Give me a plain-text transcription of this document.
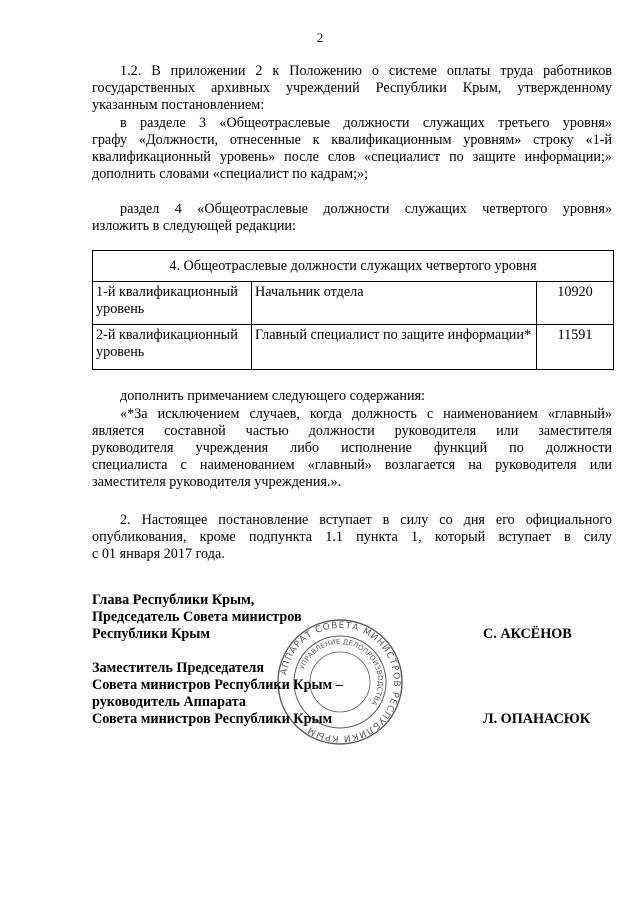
2

1.2. В приложении 2 к Положению о системе оплаты труда работников
государственных архивных учреждений Республики Крым, утвержденному
указанным постановлением:

в разделе 3 «Общеотраслевые должности служащих третьего уровня»
графу «Должности, отнесенные к квалификационным уровням» строку «1-й
квалификационный уровень» после слов «специалист по защите информации;»
дополнить словами «специалист по кадрам;»;

раздел 4 «Общеотраслевые должности служащих четвертого уровня»
изложить в следующей редакции:

4. Общеотраслевые должности служащих четвертого уровня		
1-й квалификационный уровень	Начальник отдела	10920
2-й квалификационный уровень	Главный специалист по защите информации*	11591

дополнить примечанием следующего содержания:

«*За исключением случаев, когда должность с наименованием «главный»
является составной частью должности руководителя или заместителя
руководителя учреждения либо исполнение функций по должности
специалиста с наименованием «главный» возлагается на руководителя или
заместителя руководителя учреждения.».

2. Настоящее постановление вступает в силу со дня его официального
опубликования, кроме подпункта 1.1 пункта 1, который вступает в силу
с 01 января 2017 года.

АППАРАТ СОВЕТА МИНИСТРОВ РЕСПУБЛИКИ КРЫМ
УПРАВЛЕНИЕ ДЕЛОПРОИЗВОДСТВА
Глава Республики Крым,
Председатель Совета министров
Республики Крым	С. АКСЁНОВ
Заместитель Председателя
Совета министров Республики Крым –
руководитель Аппарата
Совета министров Республики Крым	Л. ОПАНАСЮК
